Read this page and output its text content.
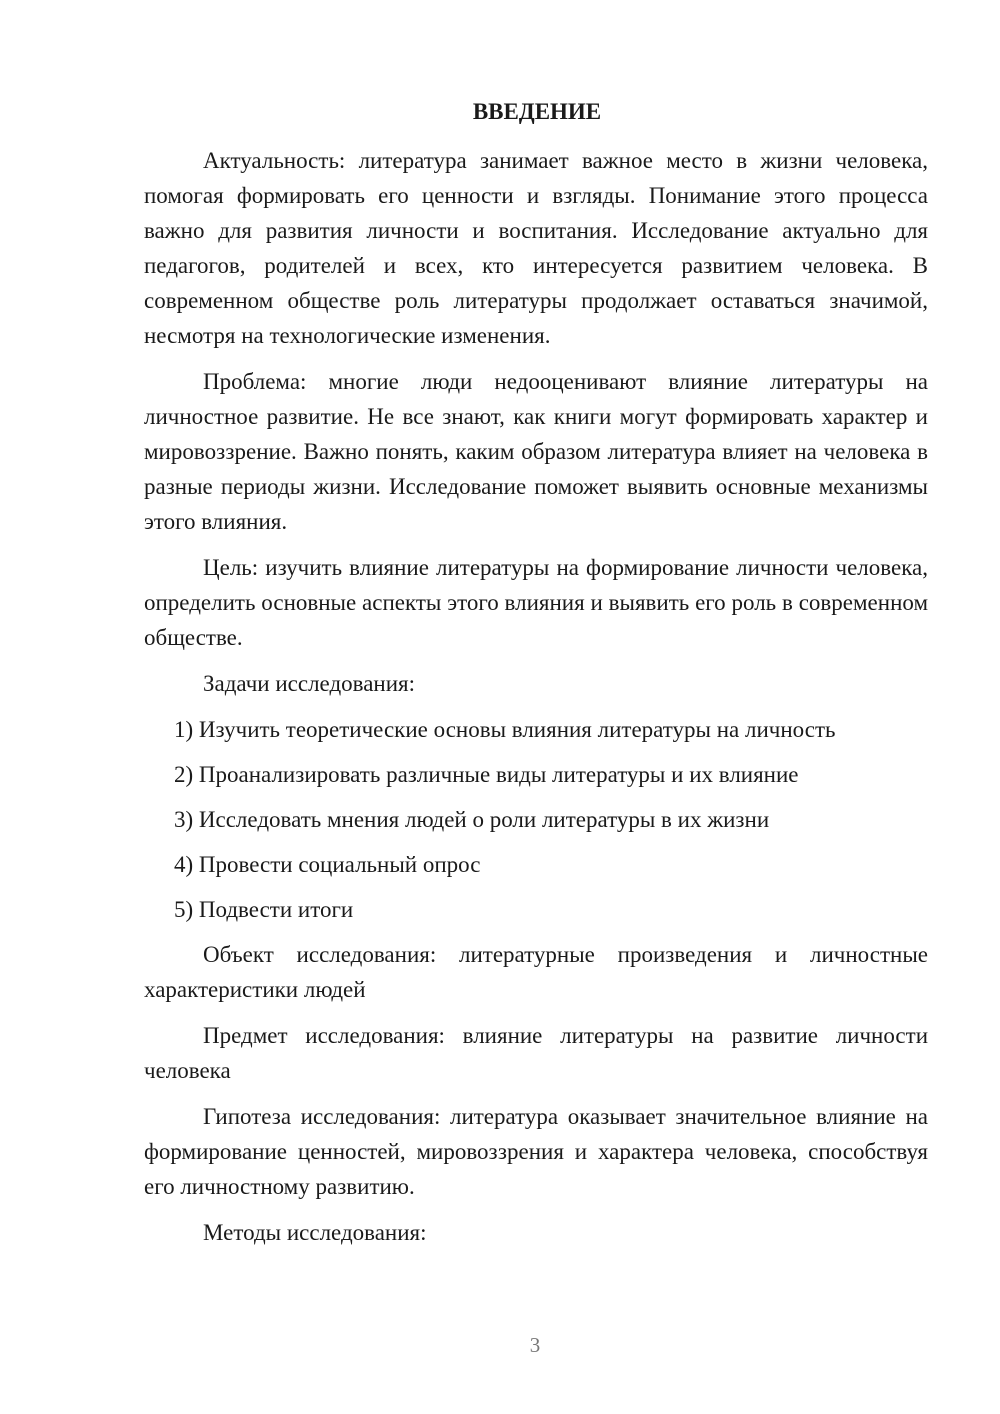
ВВЕДЕНИЕ

Актуальность: литература занимает важное место в жизни человека, помогая формировать его ценности и взгляды. Понимание этого процесса важно для развития личности и воспитания. Исследование актуально для педагогов, родителей и всех, кто интересуется развитием человека. В современном обществе роль литературы продолжает оставаться значимой, несмотря на технологические изменения.

Проблема: многие люди недооценивают влияние литературы на личностное развитие. Не все знают, как книги могут формировать характер и мировоззрение. Важно понять, каким образом литература влияет на человека в разные периоды жизни. Исследование поможет выявить основные механизмы этого влияния.

Цель: изучить влияние литературы на формирование личности человека, определить основные аспекты этого влияния и выявить его роль в современном обществе.

Задачи исследования:

1) Изучить теоретические основы влияния литературы на личность

2) Проанализировать различные виды литературы и их влияние

3) Исследовать мнения людей о роли литературы в их жизни

4) Провести социальный опрос

5) Подвести итоги

Объект исследования: литературные произведения и личностные характеристики людей

Предмет исследования: влияние литературы на развитие личности человека

Гипотеза исследования: литература оказывает значительное влияние на формирование ценностей, мировоззрения и характера человека, способствуя его личностному развитию.

Методы исследования:

3
